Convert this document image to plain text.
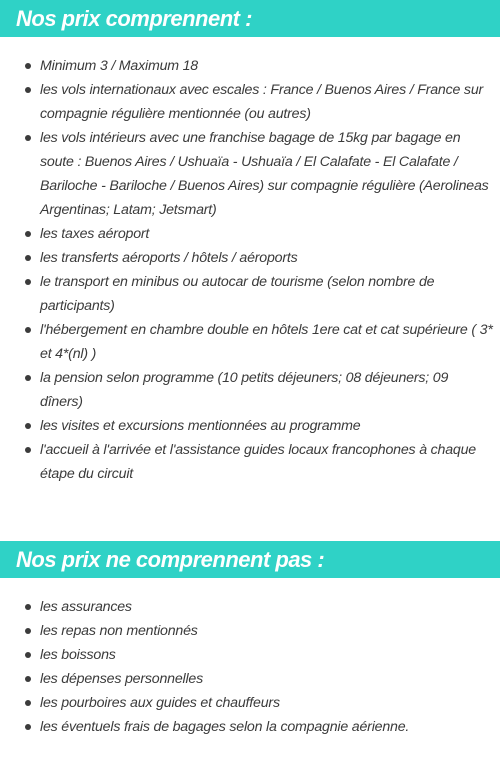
Nos prix comprennent :
Minimum 3 / Maximum 18
les vols internationaux avec escales : France / Buenos Aires / France sur compagnie régulière mentionnée (ou autres)
les vols intérieurs avec une franchise bagage de 15kg par bagage en soute : Buenos Aires / Ushuaïa - Ushuaïa / El Calafate - El Calafate / Bariloche - Bariloche / Buenos Aires) sur compagnie régulière (Aerolineas Argentinas; Latam; Jetsmart)
les taxes aéroport
les transferts aéroports / hôtels / aéroports
le transport en minibus ou autocar de tourisme (selon nombre de participants)
l'hébergement en chambre double en hôtels 1ere cat et cat supérieure ( 3* et 4*(nl) )
la pension selon programme (10 petits déjeuners; 08 déjeuners; 09 dîners)
les visites et excursions mentionnées au programme
l'accueil à l'arrivée et l'assistance guides locaux francophones à chaque étape du circuit
Nos prix ne comprennent pas :
les assurances
les repas non mentionnés
les boissons
les dépenses personnelles
les pourboires aux guides et chauffeurs
les éventuels frais de bagages selon la compagnie aérienne.
